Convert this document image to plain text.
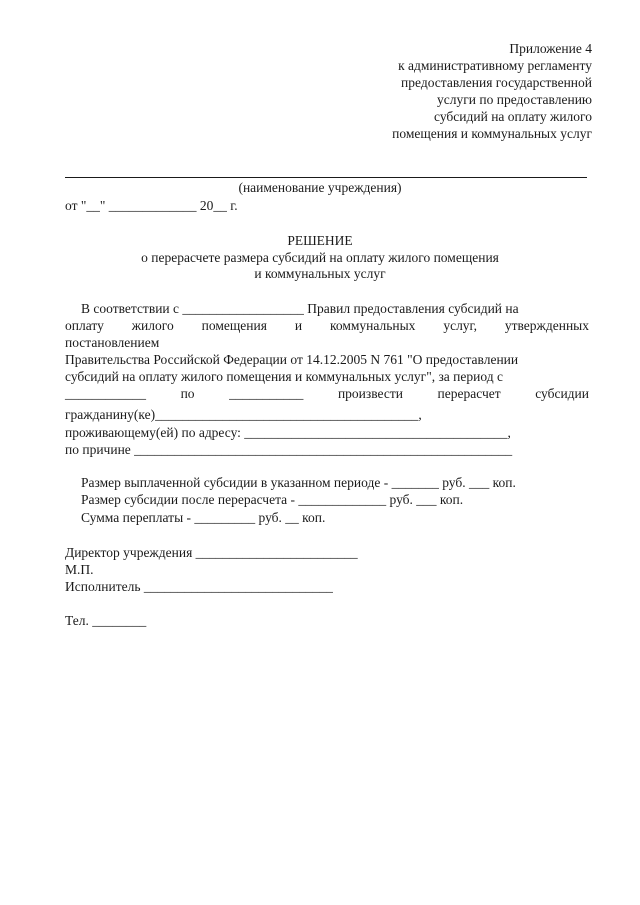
Приложение 4
к административному регламенту
предоставления государственной
услуги по предоставлению
субсидий на оплату жилого
помещения и коммунальных услуг
(наименование учреждения)
от "__" _____________ 20__ г.
РЕШЕНИЕ
о перерасчете размера субсидий на оплату жилого помещения
и коммунальных услуг
В соответствии с __________________ Правил предоставления субсидий на
оплату жилого помещения и коммунальных услуг, утвержденных
постановлением
Правительства Российской Федерации от 14.12.2005 N 761 "О предоставлении
субсидий на оплату жилого помещения и коммунальных услуг", за период с
____________ по ___________ произвести перерасчет субсидии
гражданину(ке)_______________________________________,
проживающему(ей) по адресу: _______________________________________,
по причине ________________________________________________________
Размер выплаченной субсидии в указанном периоде - _______ руб. ___ коп.
Размер субсидии после перерасчета - _____________ руб. ___ коп.
Сумма переплаты - _________ руб. __ коп.
Директор учреждения ________________________
М.П.
Исполнитель ____________________________
Тел. ________
